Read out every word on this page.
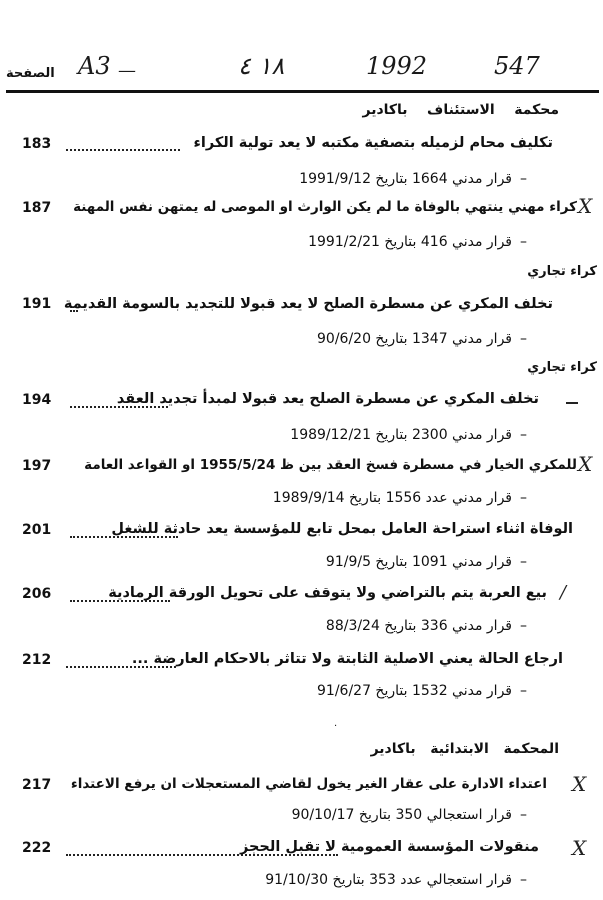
A3 —	١٨ ٤	1992	547
الصفحة
محكمة    الاستئناف    باكادير
183	تكليف محام لزميله بتصفية مكتبه لا يعد تولية الكراء
–قرار مدني 1664 بتاريخ 1991/9/12
187 كراء مهني ينتهي بالوفاة ما لم يكن الوارث او الموصى له يمتهن نفس المهنة X
–قرار مدني 416 بتاريخ 1991/2/21
كراء تجاري
191 تخلف المكري عن مسطرة الصلح لا يعد قبولا للتجديد بالسومة القديمة
–قرار مدني 1347 بتاريخ 90/6/20
كراء تجاري
194	تخلف المكري عن مسطرة الصلح يعد قبولا لمبدأ تجديد العقد
–قرار مدني 2300 بتاريخ 1989/12/21
197 للمكري الخيار في مسطرة فسخ العقد بين ظ 1955/5/24 او القواعد العامة X
–قرار مدني عدد 1556 بتاريخ 1989/9/14
201	الوفاة اثناء استراحة العامل بمحل تابع للمؤسسة يعد حادثة للشغل
–قرار مدني 1091 بتاريخ 91/9/5
206	بيع العربة يتم بالتراضي ولا يتوقف على تحويل الورقة الرمادية /
–قرار مدني 336 بتاريخ 88/3/24
212	ارجاع الحالة يعني الاصلية الثابتة ولا تتاثر بالاحكام العارضة ...
–قرار مدني 1532 بتاريخ 91/6/27
·
المحكمة   الابتدائية   باكادير
217 اعتداء الادارة على عقار الغير يخول لقاضي المستعجلات ان يرفع الاعتداء X
–قرار استعجالي 350 بتاريخ 90/10/17
222	منقولات المؤسسة العمومية لا تقبل الحجز X
–قرار استعجالي عدد 353 بتاريخ 91/10/30
